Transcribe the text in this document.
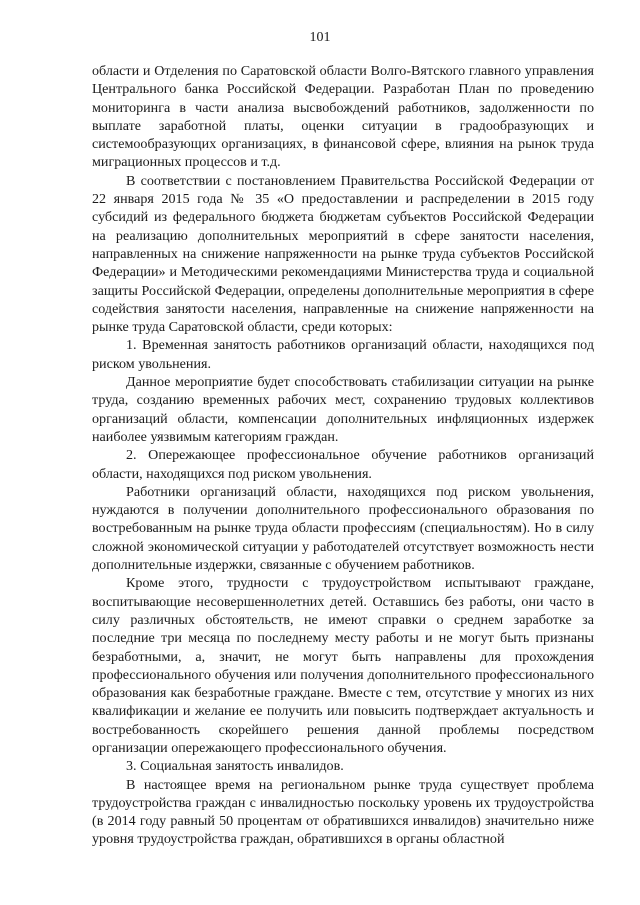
101

области и Отделения по Саратовской области Волго-Вятского главного управления Центрального банка Российской Федерации. Разработан План по проведению мониторинга в части анализа высвобождений работников, задолженности по выплате заработной платы, оценки ситуации в градообразующих и системообразующих организациях, в финансовой сфере, влияния на рынок труда миграционных процессов и т.д.

В соответствии с постановлением Правительства Российской Федерации от 22 января 2015 года № 35 «О предоставлении и распределении в 2015 году субсидий из федерального бюджета бюджетам субъектов Российской Федерации на реализацию дополнительных мероприятий в сфере занятости населения, направленных на снижение напряженности на рынке труда субъектов Российской Федерации» и Методическими рекомендациями Министерства труда и социальной защиты Российской Федерации, определены дополнительные мероприятия в сфере содействия занятости населения, направленные на снижение напряженности на рынке труда Саратовской области, среди которых:

1. Временная занятость работников организаций области, находящихся под риском увольнения.

Данное мероприятие будет способствовать стабилизации ситуации на рынке труда, созданию временных рабочих мест, сохранению трудовых коллективов организаций области, компенсации дополнительных инфляционных издержек наиболее уязвимым категориям граждан.

2. Опережающее профессиональное обучение работников организаций области, находящихся под риском увольнения.

Работники организаций области, находящихся под риском увольнения, нуждаются в получении дополнительного профессионального образования по востребованным на рынке труда области профессиям (специальностям). Но в силу сложной экономической ситуации у работодателей отсутствует возможность нести дополнительные издержки, связанные с обучением работников.

Кроме этого, трудности с трудоустройством испытывают граждане, воспитывающие несовершеннолетних детей. Оставшись без работы, они часто в силу различных обстоятельств, не имеют справки о среднем заработке за последние три месяца по последнему месту работы и не могут быть признаны безработными, а, значит, не могут быть направлены для прохождения профессионального обучения или получения дополнительного профессионального образования как безработные граждане. Вместе с тем, отсутствие у многих из них квалификации и желание ее получить или повысить подтверждает актуальность и востребованность скорейшего решения данной проблемы посредством организации опережающего профессионального обучения.

3. Социальная занятость инвалидов.

В настоящее время на региональном рынке труда существует проблема трудоустройства граждан с инвалидностью поскольку уровень их трудоустройства (в 2014 году равный 50 процентам от обратившихся инвалидов) значительно ниже уровня трудоустройства граждан, обратившихся в органы областной
